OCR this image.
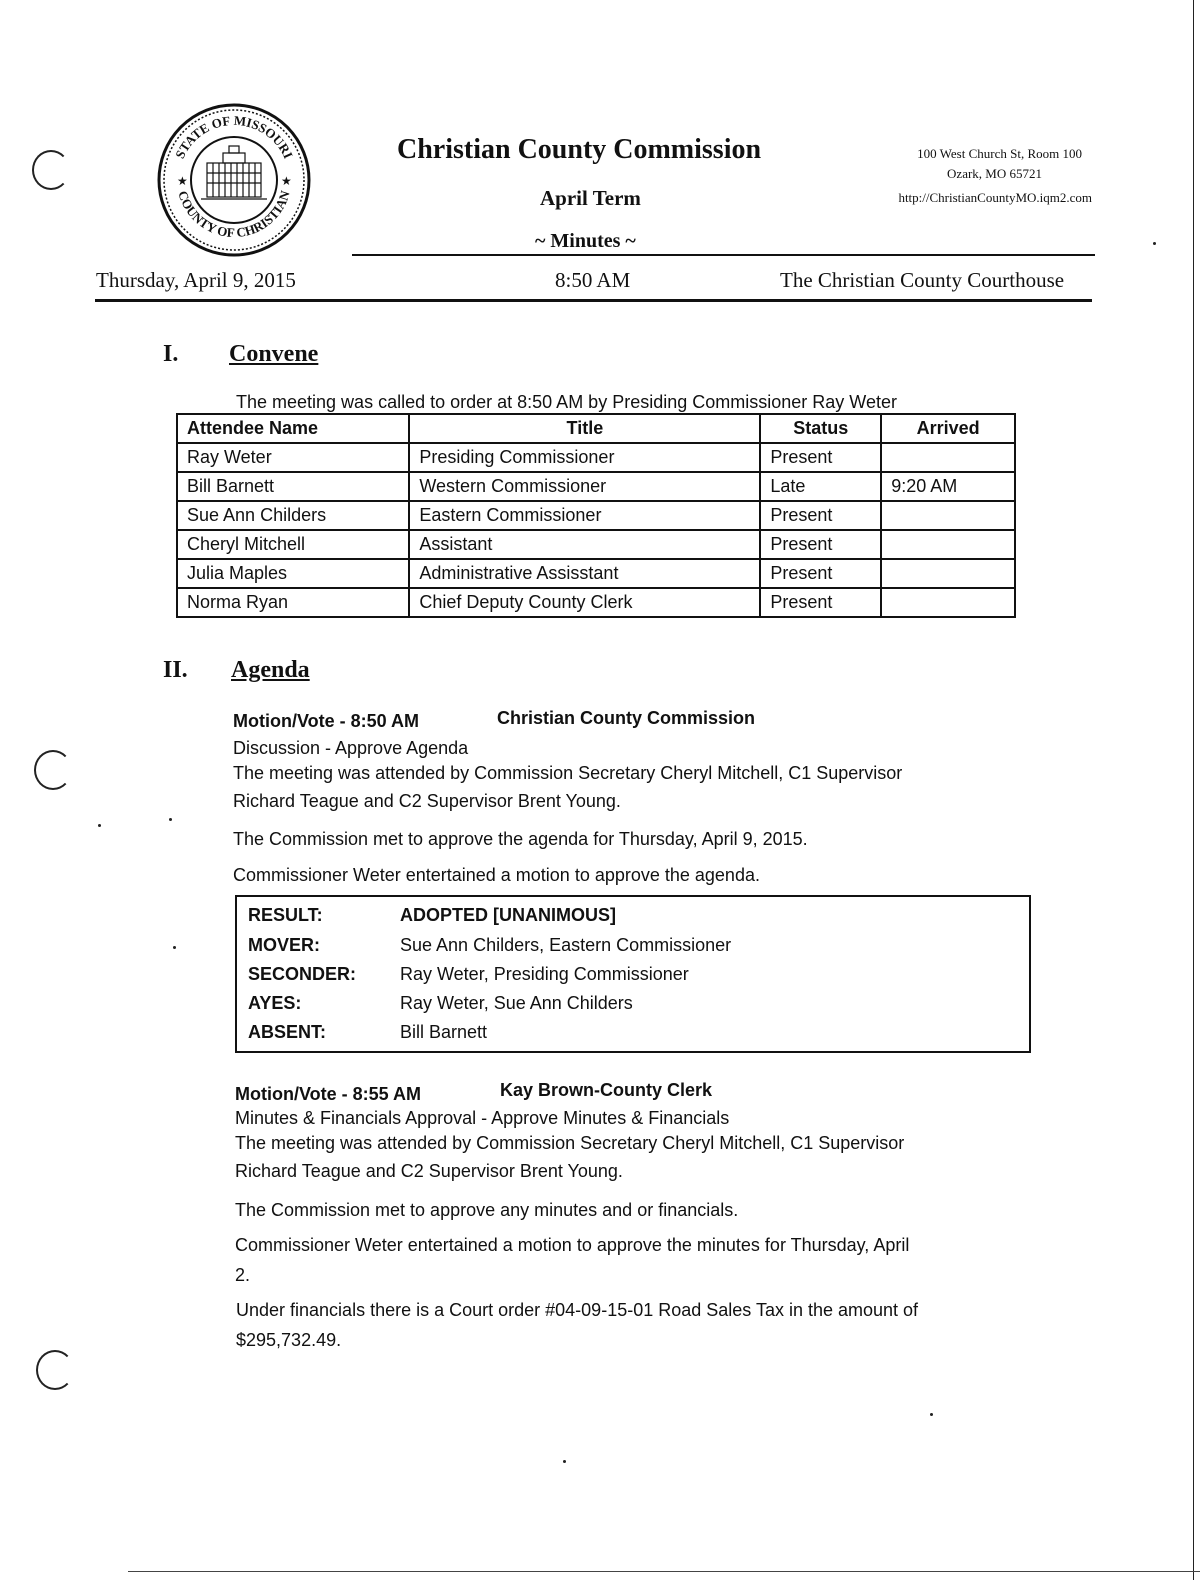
STATE OF MISSOURI
COUNTY OF CHRISTIAN
★	★
Christian County Commission
April Term
~ Minutes ~
100 West Church St, Room 100
Ozark, MO 65721
http://ChristianCountyMO.iqm2.com
Thursday, April 9, 2015	8:50 AM	The Christian County Courthouse
I. Convene
The meeting was called to order at 8:50 AM by Presiding Commissioner Ray Weter
Attendee Name	Title	Status	Arrived
Ray Weter	Presiding Commissioner	Present	
Bill Barnett	Western Commissioner	Late	9:20 AM
Sue Ann Childers	Eastern Commissioner	Present	
Cheryl Mitchell	Assistant	Present	
Julia Maples	Administrative Assisstant	Present	
Norma Ryan	Chief Deputy County Clerk	Present	
II. Agenda
Motion/Vote - 8:50 AM	Christian County Commission
Discussion - Approve Agenda
The meeting was attended by Commission Secretary Cheryl Mitchell, C1 Supervisor
Richard Teague and C2 Supervisor Brent Young.
The Commission met to approve the agenda for Thursday, April 9, 2015.
Commissioner Weter entertained a motion to approve the agenda.
RESULT:	ADOPTED [UNANIMOUS]
MOVER:	Sue Ann Childers, Eastern Commissioner
SECONDER:	Ray Weter, Presiding Commissioner
AYES:	Ray Weter, Sue Ann Childers
ABSENT:	Bill Barnett
Motion/Vote - 8:55 AM	Kay Brown-County Clerk
Minutes & Financials Approval - Approve Minutes & Financials
The meeting was attended by Commission Secretary Cheryl Mitchell, C1 Supervisor
Richard Teague and C2 Supervisor Brent Young.
The Commission met to approve any minutes and or financials.
Commissioner Weter entertained a motion to approve the minutes for Thursday, April
2.
Under financials there is a Court order #04-09-15-01 Road Sales Tax in the amount of
$295,732.49.
